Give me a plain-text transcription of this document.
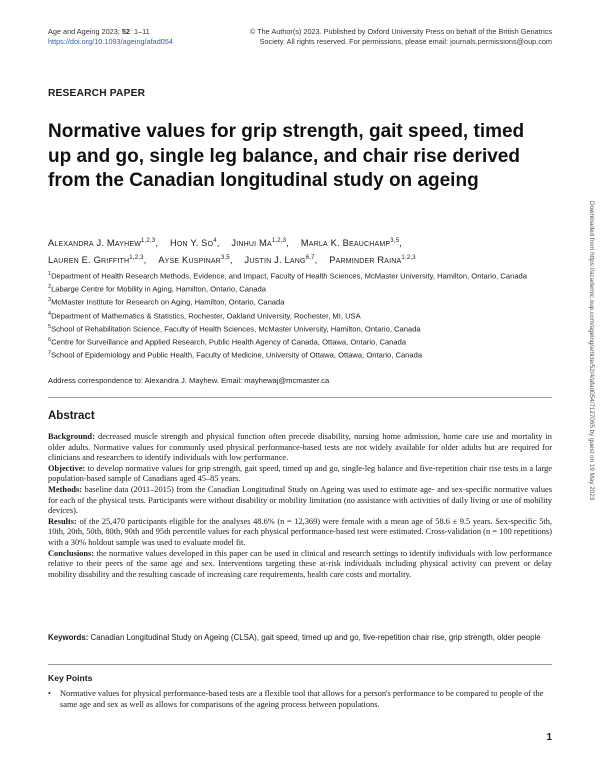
Age and Ageing 2023; 52: 1–11
https://doi.org/10.1093/ageing/afad054
© The Author(s) 2023. Published by Oxford University Press on behalf of the British Geriatrics
Society. All rights reserved. For permissions, please email: journals.permissions@oup.com
RESEARCH PAPER
Normative values for grip strength, gait speed, timed up and go, single leg balance, and chair rise derived from the Canadian longitudinal study on ageing
Alexandra J. Mayhew$^{1,2,3}$, Hon Y. So$^4$, Jinhui Ma$^{1,2,3}$, Marla K. Beauchamp$^{3,5}$,
Lauren E. Griffith$^{1,2,3}$, Ayse Kuspinar$^{3,5}$, Justin J. Lang$^{6,7}$, Parminder Raina$^{1,2,3}$
$^1$Department of Health Research Methods, Evidence, and Impact, Faculty of Health Sciences, McMaster University, Hamilton, Ontario, Canada
$^2$Labarge Centre for Mobility in Aging, Hamilton, Ontario, Canada
$^3$McMaster Institute for Research on Aging, Hamilton, Ontario, Canada
$^4$Department of Mathematics & Statistics, Rochester, Oakland University, Rochester, MI, USA
$^5$School of Rehabilitation Science, Faculty of Health Sciences, McMaster University, Hamilton, Ontario, Canada
$^6$Centre for Surveillance and Applied Research, Public Health Agency of Canada, Ottawa, Ontario, Canada
$^7$School of Epidemiology and Public Health, Faculty of Medicine, University of Ottawa, Ottawa, Ontario, Canada
Address correspondence to: Alexandra J. Mayhew. Email: mayhewaj@mcmaster.ca
Abstract

Background: decreased muscle strength and physical function often precede disability, nursing home admission, home care use and mortality in older adults. Normative values for commonly used physical performance-based tests are not widely available for older adults but are required for clinicians and researchers to identify individuals with low performance.

Objective: to develop normative values for grip strength, gait speed, timed up and go, single-leg balance and five-repetition chair rise tests in a large population-based sample of Canadians aged 45–85 years.

Methods: baseline data (2011–2015) from the Canadian Longitudinal Study on Ageing was used to estimate age- and sex-specific normative values for each of the physical tests. Participants were without disability or mobility limitation (no assistance with activities of daily living or use of mobility devices).

Results: of the 25,470 participants eligible for the analyses 48.6% (n = 12,369) were female with a mean age of 58.6 ± 9.5 years. Sex-specific 5th, 10th, 20th, 50th, 80th, 90th and 95th percentile values for each physical performance-based test were estimated. Cross-validation (n = 100 repetitions) with a 30% holdout sample was used to evaluate model fit.

Conclusions: the normative values developed in this paper can be used in clinical and research settings to identify individuals with low performance relative to their peers of the same age and sex. Interventions targeting these at-risk individuals including physical activity can prevent or delay mobility disability and the resulting cascade of increasing care requirements, health care costs and mortality.

Keywords: Canadian Longitudinal Study on Ageing (CLSA), gait speed, timed up and go, five-repetition chair rise, grip strength, older people
Key Points
•	Normative values for physical performance-based tests are a flexible tool that allows for a person's performance to be compared to people of the same age and sex as well as allows for comparisons of the ageing process between populations.
Downloaded from https://academic.oup.com/ageing/article/52/4/afad054/7127065 by guest on 19 May 2023
1
